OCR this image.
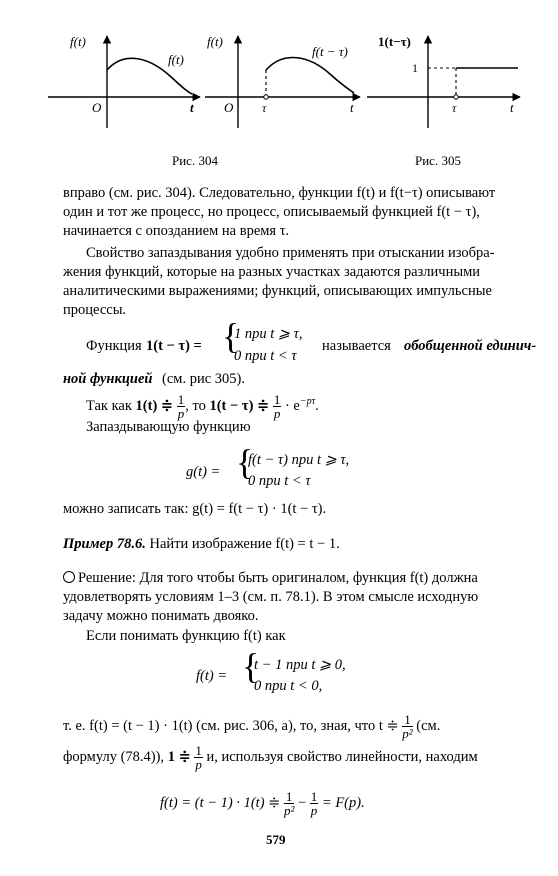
f(t)
f(t)
O	t
f(t)
f(t − τ)
O τ	t
1(t−τ)
1
τ	t
Рис. 304	Рис. 305
вправо (см. рис. 304). Следовательно, функции f(t) и f(t−τ) описывают
один и тот же процесс, но процесс, описываемый функцией f(t − τ),
начинается с опозданием на время τ.
Свойство запаздывания удобно применять при отыскании изобра-
жения функций, которые на разных участках задаются различными
аналитическими выражениями; функций, описывающих импульсные
процессы.
Функция 1(t − τ) = {
1 при t ⩾ τ,
0 при t < τ
называется обобщенной единич-
ной функцией (см. рис 305).
Так как 1(t) ≑ $\frac{1}{p}$ , то 1(t − τ) ≑ $\frac{1}{p} \cdot e^{-p\tau}$.
Запаздывающую функцию
g(t) = {
f(t − τ) при t ⩾ τ,
0 при t < τ
можно записать так: g(t) = f(t − τ) · 1(t − τ).
Пример 78.6. Найти изображение f(t) = t − 1.
Решение: Для того чтобы быть оригиналом, функция f(t) должна
удовлетворять условиям 1–3 (см. п. 78.1). В этом смысле исходную
задачу можно понимать двояко.
Если понимать функцию f(t) как
f(t) = {
t − 1 при t ⩾ 0,
0 при t < 0,
т. е. f(t) = (t − 1) · 1(t) (см. рис. 306, а), то, зная, что t ≑ $\frac{1}{\text{p²}} (см$.
формулу (78.4)), 1 ≑ $\frac{1}{p} и$, используя свойство линейности, находим
f(t) = (t − 1) · 1(t) ≑ $\frac{1}{\text{p²}} - \frac{1}{p} = F(p)$.
579
